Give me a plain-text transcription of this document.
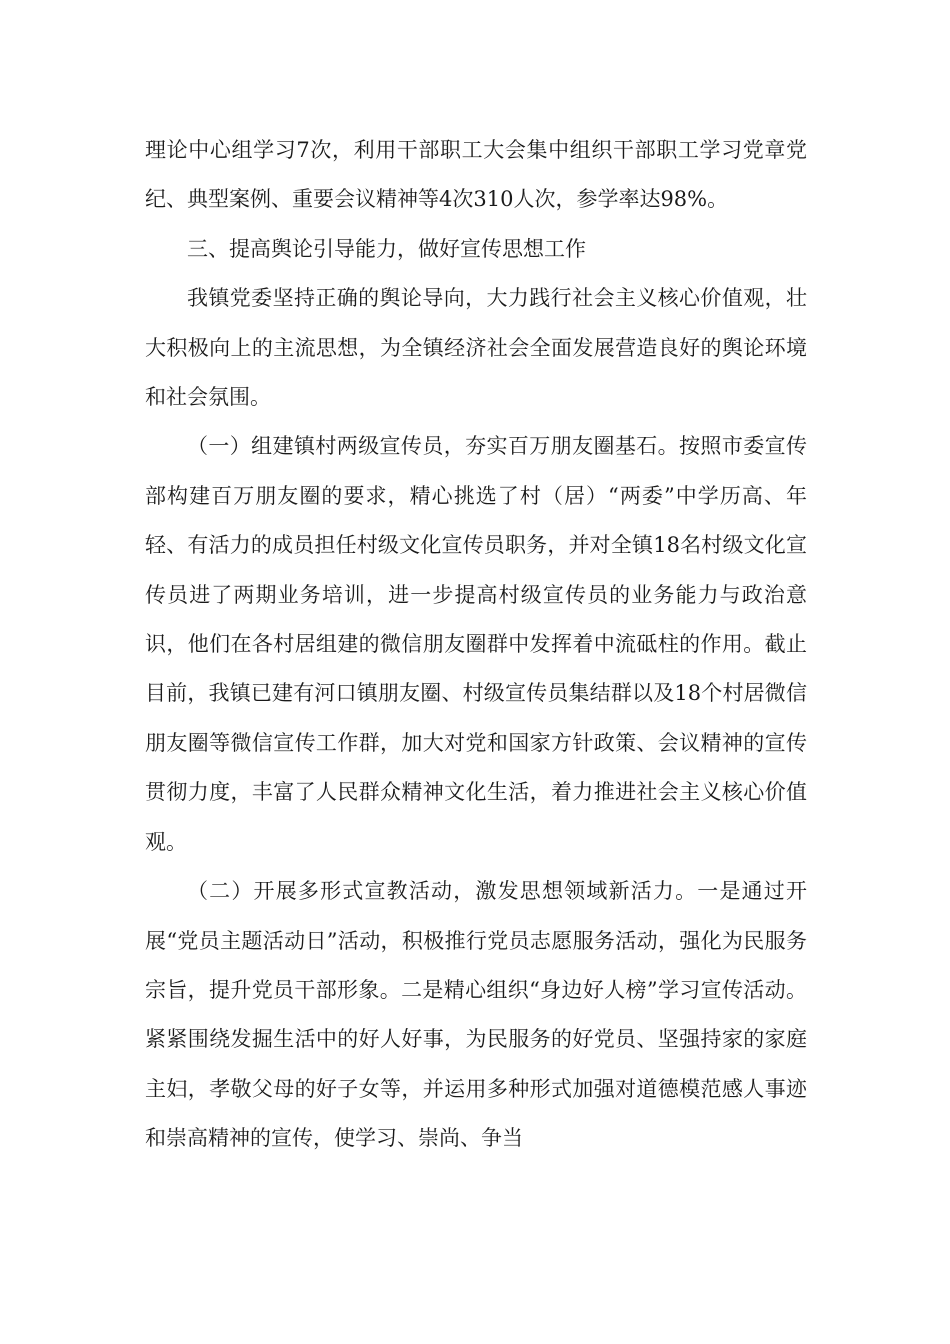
理论中心组学习7次，利用干部职工大会集中组织干部职工学习党章党纪、典型案例、重要会议精神等4次310人次，参学率达98%。

三、提高舆论引导能力，做好宣传思想工作

我镇党委坚持正确的舆论导向，大力践行社会主义核心价值观，壮大积极向上的主流思想，为全镇经济社会全面发展营造良好的舆论环境和社会氛围。

（一）组建镇村两级宣传员，夯实百万朋友圈基石。按照市委宣传部构建百万朋友圈的要求，精心挑选了村（居）“两委”中学历高、年轻、有活力的成员担任村级文化宣传员职务，并对全镇18名村级文化宣传员进了两期业务培训，进一步提高村级宣传员的业务能力与政治意识，他们在各村居组建的微信朋友圈群中发挥着中流砥柱的作用。截止目前，我镇已建有河口镇朋友圈、村级宣传员集结群以及18个村居微信朋友圈等微信宣传工作群，加大对党和国家方针政策、会议精神的宣传贯彻力度，丰富了人民群众精神文化生活，着力推进社会主义核心价值观。

（二）开展多形式宣教活动，激发思想领域新活力。一是通过开展“党员主题活动日”活动，积极推行党员志愿服务活动，强化为民服务宗旨，提升党员干部形象。二是精心组织“身边好人榜”学习宣传活动。紧紧围绕发掘生活中的好人好事，为民服务的好党员、坚强持家的家庭主妇，孝敬父母的好子女等，并运用多种形式加强对道德模范感人事迹和崇高精神的宣传，使学习、崇尚、争当
